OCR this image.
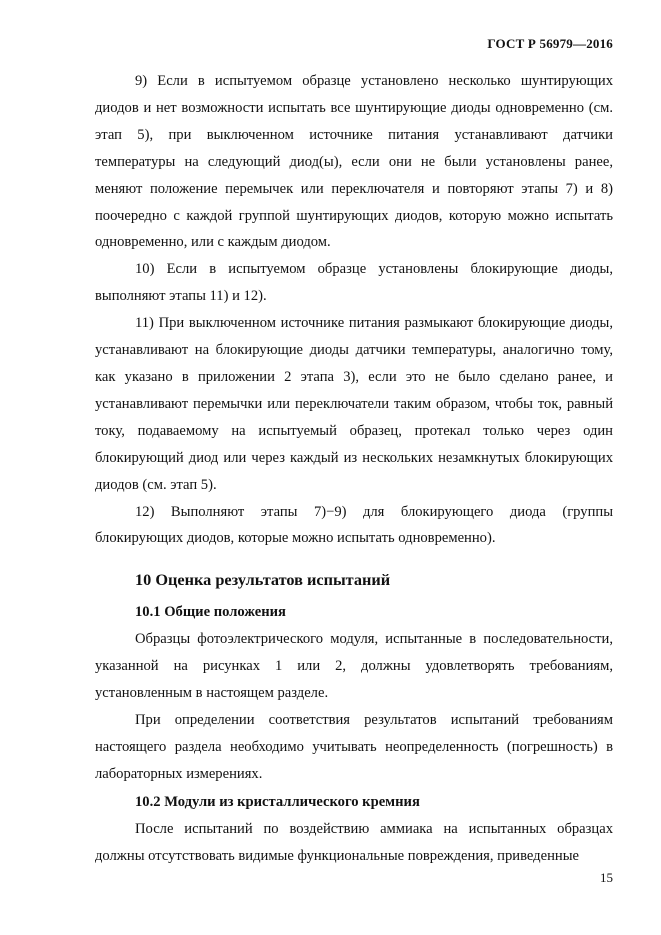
ГОСТ Р 56979—2016

9) Если в испытуемом образце установлено несколько шунтирующих диодов и нет возможности испытать все шунтирующие диоды одновременно (см. этап 5), при выключенном источнике питания устанавливают датчики температуры на следующий диод(ы), если они не были установлены ранее, меняют положение перемычек или переключателя и повторяют этапы 7) и 8) поочередно с каждой группой шунтирующих диодов, которую можно испытать одновременно, или с каждым диодом.

10) Если в испытуемом образце установлены блокирующие диоды, выполняют этапы 11) и 12).

11) При выключенном источнике питания размыкают блокирующие диоды, устанавливают на блокирующие диоды датчики температуры, аналогично тому, как указано в приложении 2 этапа 3), если это не было сделано ранее, и устанавливают перемычки или переключатели таким образом, чтобы ток, равный току, подаваемому на испытуемый образец, протекал только через один блокирующий диод или через каждый из нескольких незамкнутых блокирующих диодов (см. этап 5).

12) Выполняют этапы 7)−9) для блокирующего диода (группы блокирующих диодов, которые можно испытать одновременно).

10 Оценка результатов испытаний
10.1 Общие положения

Образцы фотоэлектрического модуля, испытанные в последовательности, указанной на рисунках 1 или 2, должны удовлетворять требованиям, установленным в настоящем разделе.

При определении соответствия результатов испытаний требованиям настоящего раздела необходимо учитывать неопределенность (погрешность) в лабораторных измерениях.

10.2 Модули из кристаллического кремния

После испытаний по воздействию аммиака на испытанных образцах должны отсутствовать видимые функциональные повреждения, приведенные

15
